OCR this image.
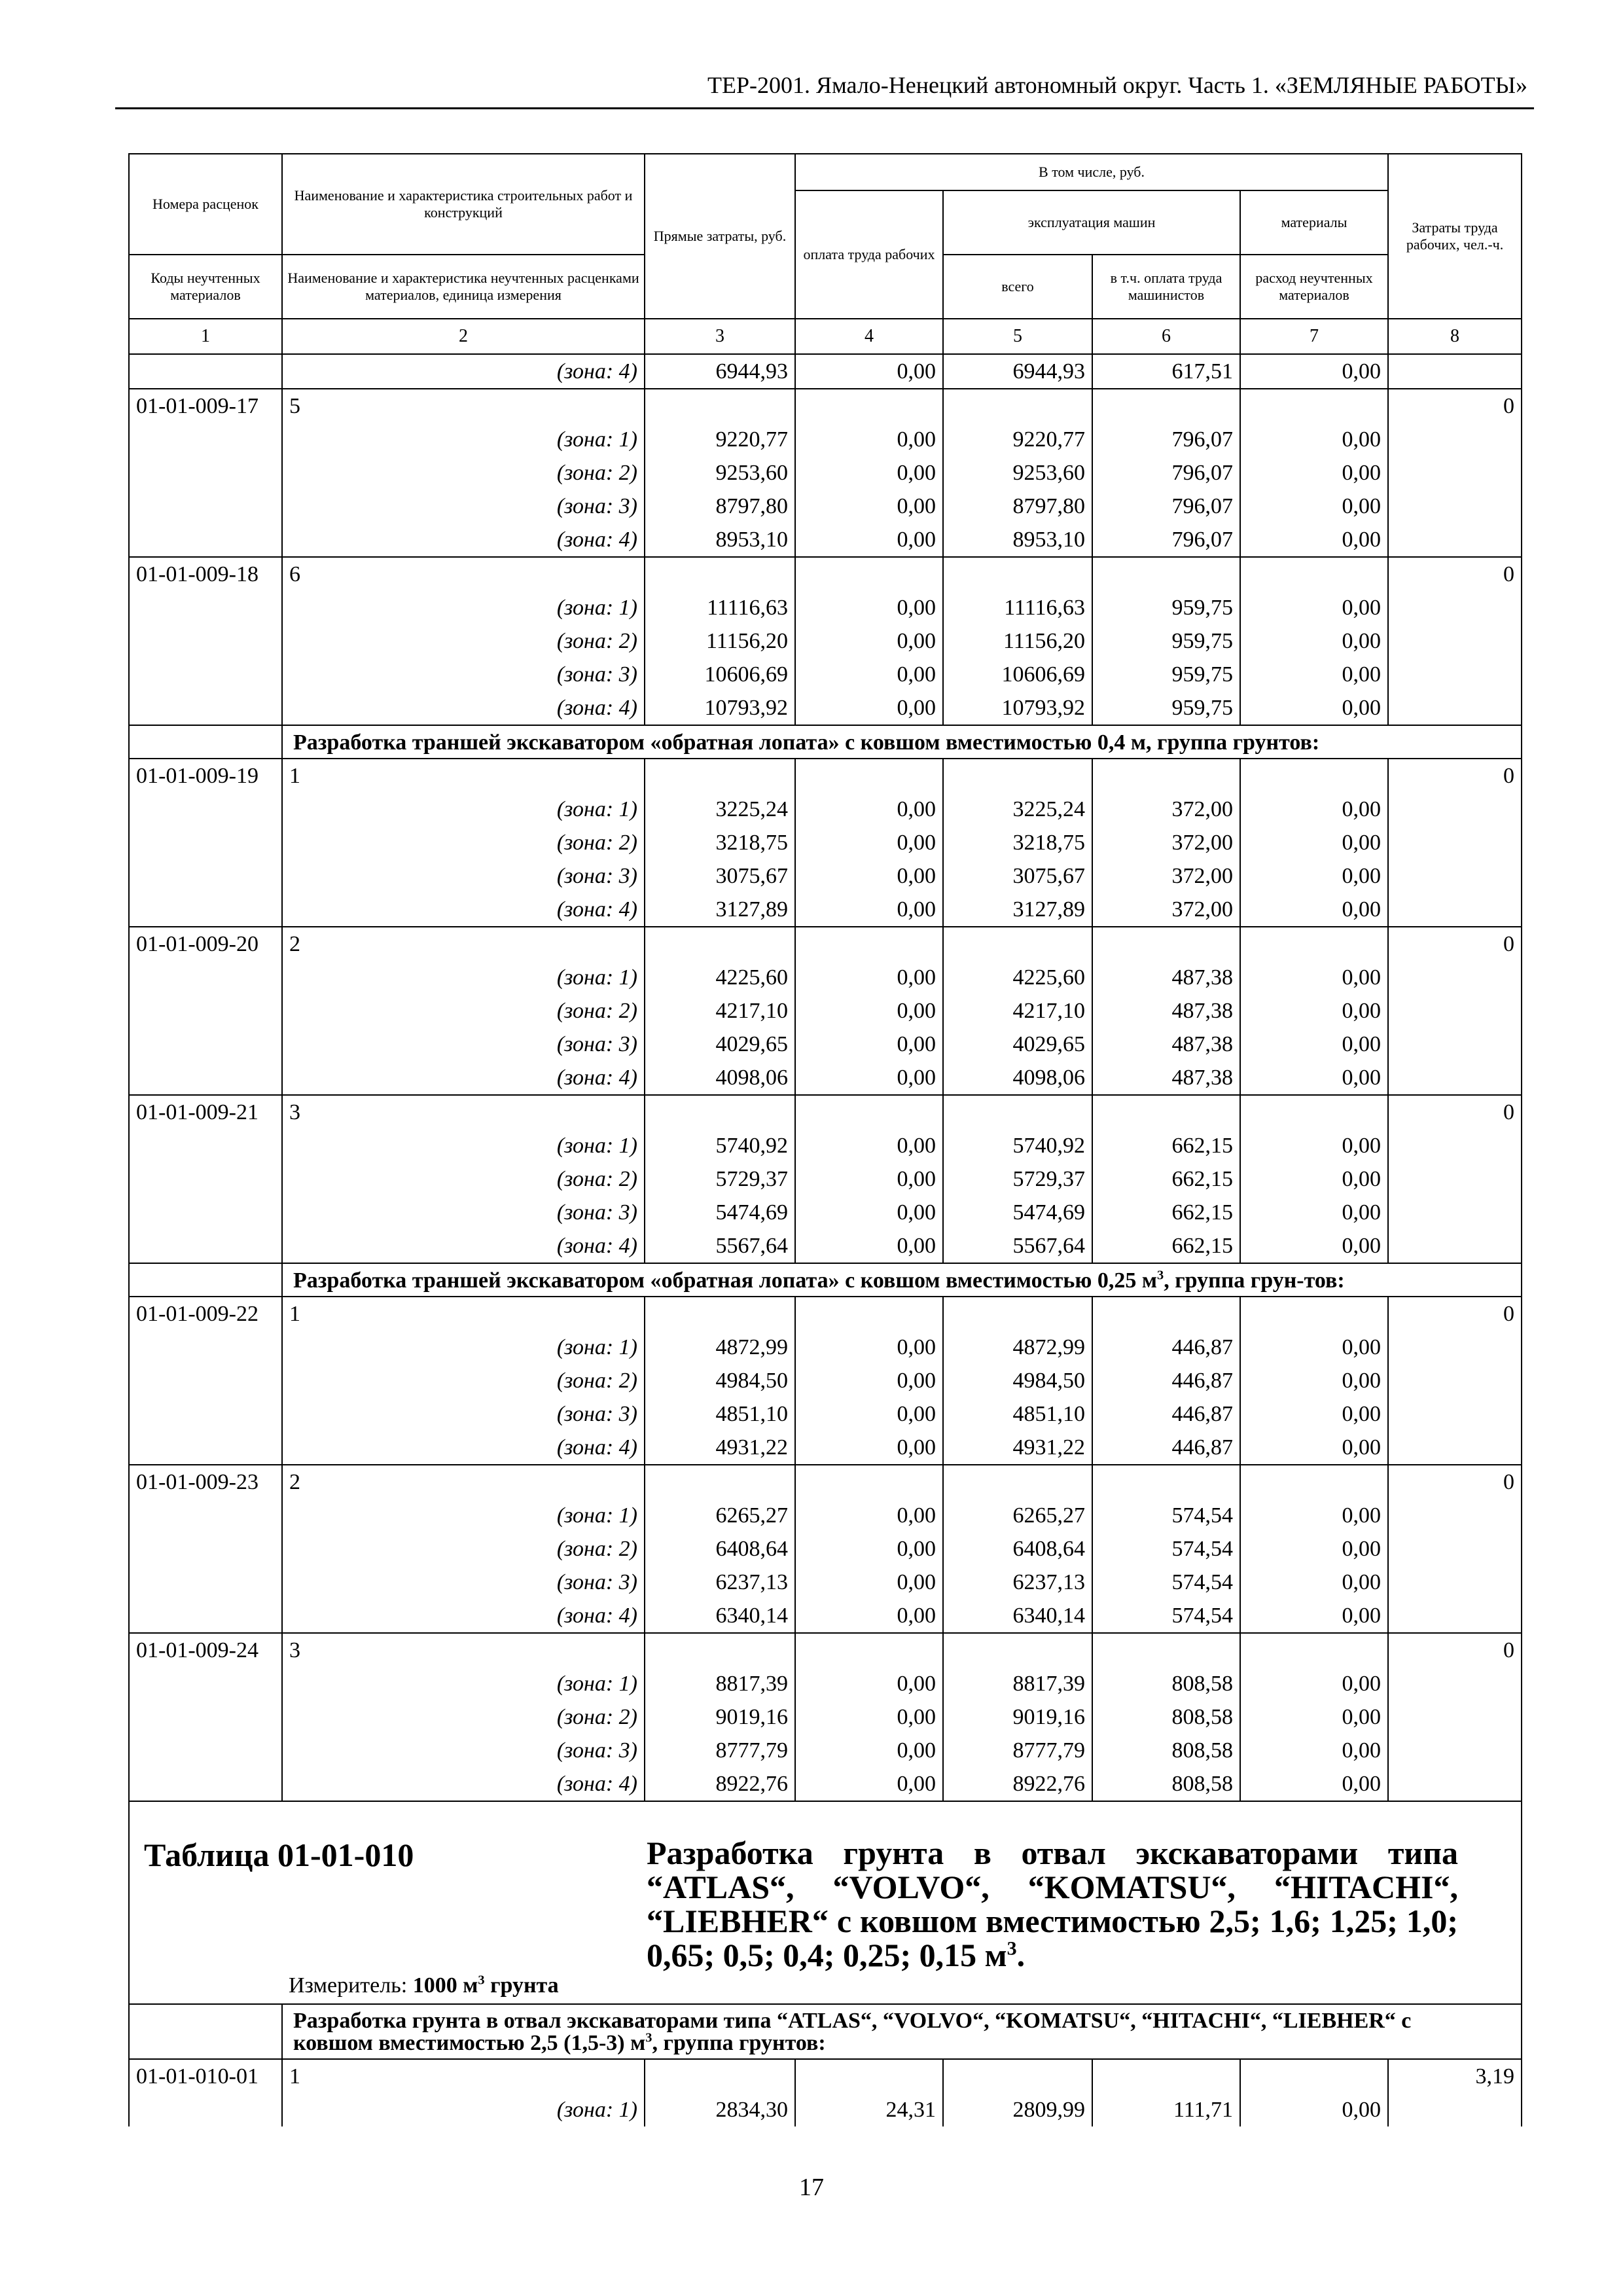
ТЕР-2001. Ямало-Ненецкий автономный округ. Часть 1. «ЗЕМЛЯНЫЕ РАБОТЫ»
Номера расценок	Наименование и характеристика строительных работ и конструкций	Прямые затраты, руб.	В том числе, руб.				Затраты труда рабочих, чел.-ч.
			оплата труда рабочих	эксплуатация машин		материалы	
Коды неучтенных материалов	Наименование и характеристика неучтенных расценками материалов, единица измерения			всего	в т.ч. оплата труда машинистов	расход неучтенных материалов	

1	2	3	4	5	6	7	8
	(зона: 4)	6944,93	0,00	6944,93	617,51	0,00	
01-01-009-17	5						0
	(зона: 1)	9220,77	0,00	9220,77	796,07	0,00	
	(зона: 2)	9253,60	0,00	9253,60	796,07	0,00	
	(зона: 3)	8797,80	0,00	8797,80	796,07	0,00	
	(зона: 4)	8953,10	0,00	8953,10	796,07	0,00	
01-01-009-18	6						0
	(зона: 1)	11116,63	0,00	11116,63	959,75	0,00	
	(зона: 2)	11156,20	0,00	11156,20	959,75	0,00	
	(зона: 3)	10606,69	0,00	10606,69	959,75	0,00	
	(зона: 4)	10793,92	0,00	10793,92	959,75	0,00	
	Разработка траншей экскаватором «обратная лопата» с ковшом вместимостью 0,4 м, группа грунтов:						
01-01-009-19	1						0
	(зона: 1)	3225,24	0,00	3225,24	372,00	0,00	
	(зона: 2)	3218,75	0,00	3218,75	372,00	0,00	
	(зона: 3)	3075,67	0,00	3075,67	372,00	0,00	
	(зона: 4)	3127,89	0,00	3127,89	372,00	0,00	
01-01-009-20	2						0
	(зона: 1)	4225,60	0,00	4225,60	487,38	0,00	
	(зона: 2)	4217,10	0,00	4217,10	487,38	0,00	
	(зона: 3)	4029,65	0,00	4029,65	487,38	0,00	
	(зона: 4)	4098,06	0,00	4098,06	487,38	0,00	
01-01-009-21	3						0
	(зона: 1)	5740,92	0,00	5740,92	662,15	0,00	
	(зона: 2)	5729,37	0,00	5729,37	662,15	0,00	
	(зона: 3)	5474,69	0,00	5474,69	662,15	0,00	
	(зона: 4)	5567,64	0,00	5567,64	662,15	0,00	
	Разработка траншей экскаватором «обратная лопата» с ковшом вместимостью 0,25 $м^3$, группа грун-тов:						
01-01-009-22	1						0
	(зона: 1)	4872,99	0,00	4872,99	446,87	0,00	
	(зона: 2)	4984,50	0,00	4984,50	446,87	0,00	
	(зона: 3)	4851,10	0,00	4851,10	446,87	0,00	
	(зона: 4)	4931,22	0,00	4931,22	446,87	0,00	
01-01-009-23	2						0
	(зона: 1)	6265,27	0,00	6265,27	574,54	0,00	
	(зона: 2)	6408,64	0,00	6408,64	574,54	0,00	
	(зона: 3)	6237,13	0,00	6237,13	574,54	0,00	
	(зона: 4)	6340,14	0,00	6340,14	574,54	0,00	
01-01-009-24	3						0
	(зона: 1)	8817,39	0,00	8817,39	808,58	0,00	
	(зона: 2)	9019,16	0,00	9019,16	808,58	0,00	
	(зона: 3)	8777,79	0,00	8777,79	808,58	0,00	
	(зона: 4)	8922,76	0,00	8922,76	808,58	0,00	

Таблица 01-01-010 Разработка грунта в отвал экскаваторами типа “ATLAS“, “VOLVO“, “KOMATSU“, “HITACHI“, “LIEBHER“ с ковшом вместимостью 2,5; 1,6; 1,25; 1,0; 0,65; 0,5; 0,4; 0,25; 0,15 $м^3$.
Измеритель: 1000 $м^3$ грунта							

	Разработка грунта в отвал экскаваторами типа “ATLAS“, “VOLVO“, “KOMATSU“, “HITACHI“, “LIEBHER“ с ковшом вместимостью 2,5 (1,5-3) $м^3$, группа грунтов:						
01-01-010-01	1						3,19
	(зона: 1)	2834,30	24,31	2809,99	111,71	0,00	
17
